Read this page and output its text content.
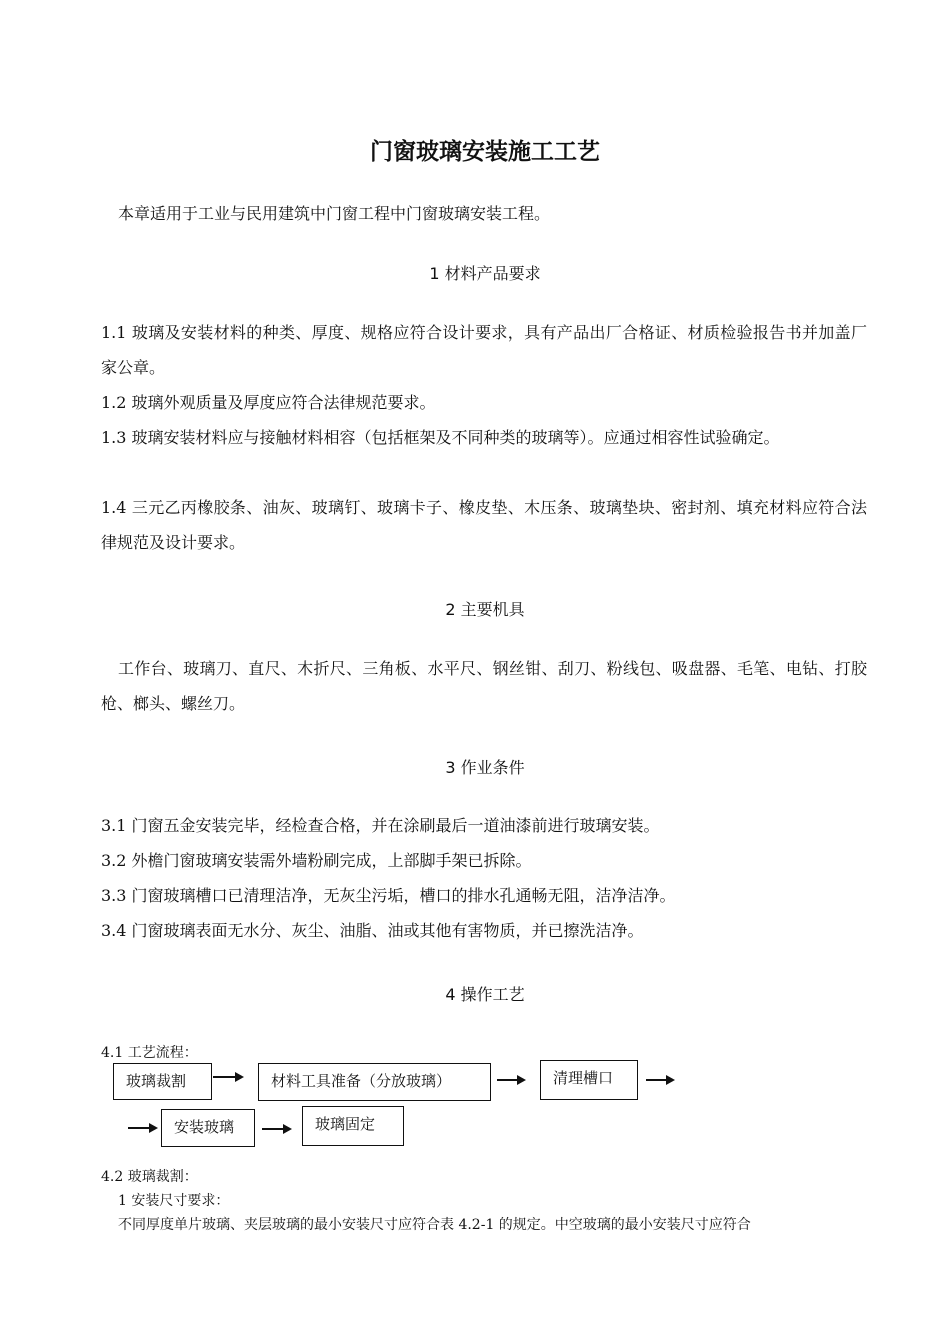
门窗玻璃安装施工工艺
本章适用于工业与民用建筑中门窗工程中门窗玻璃安装工程。
1 材料产品要求
1.1 玻璃及安装材料的种类、厚度、规格应符合设计要求，具有产品出厂合格证、材质检验报告书并加盖厂家公章。
1.2 玻璃外观质量及厚度应符合法律规范要求。
1.3 玻璃安装材料应与接触材料相容（包括框架及不同种类的玻璃等）。应通过相容性试验确定。
1.4 三元乙丙橡胶条、油灰、玻璃钉、玻璃卡子、橡皮垫、木压条、玻璃垫块、密封剂、填充材料应符合法律规范及设计要求。
2 主要机具
工作台、玻璃刀、直尺、木折尺、三角板、水平尺、钢丝钳、刮刀、粉线包、吸盘器、毛笔、电钻、打胶枪、榔头、螺丝刀。
3 作业条件
3.1 门窗五金安装完毕，经检查合格，并在涂刷最后一道油漆前进行玻璃安装。
3.2 外檐门窗玻璃安装需外墙粉刷完成，上部脚手架已拆除。
3.3 门窗玻璃槽口已清理洁净，无灰尘污垢，槽口的排水孔通畅无阻，洁净洁净。
3.4 门窗玻璃表面无水分、灰尘、油脂、油或其他有害物质，并已擦洗洁净。
4 操作工艺
4.1 工艺流程：
玻璃裁割	材料工具准备（分放玻璃）	清理槽口
安装玻璃	玻璃固定
4.2 玻璃裁割：
1 安装尺寸要求：
不同厚度单片玻璃、夹层玻璃的最小安装尺寸应符合表 4.2-1 的规定。中空玻璃的最小安装尺寸应符合
